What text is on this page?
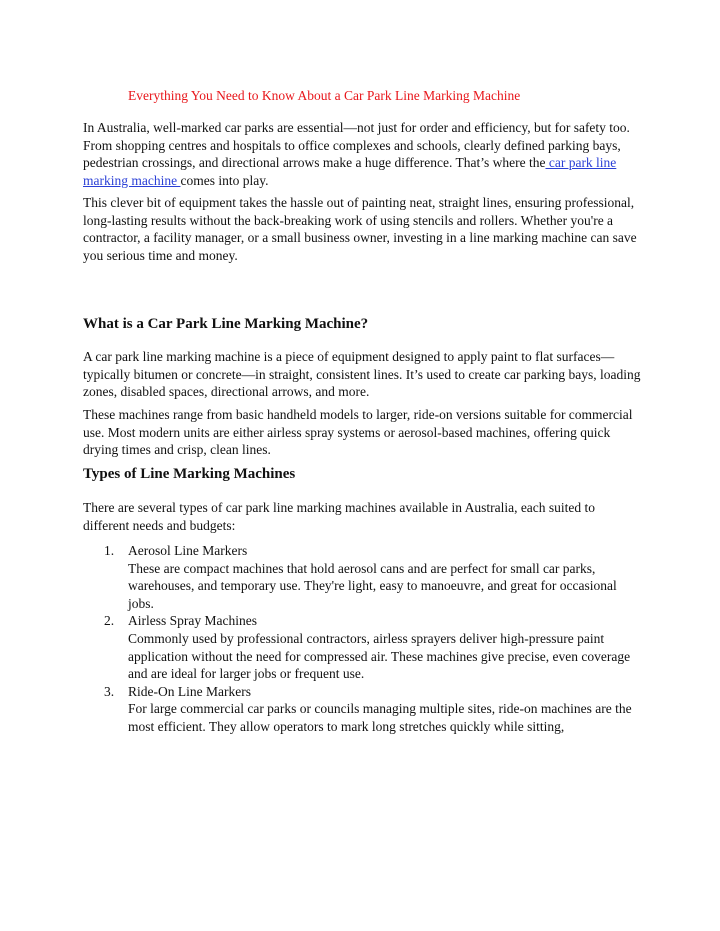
Everything You Need to Know About a Car Park Line Marking Machine

In Australia, well-marked car parks are essential—not just for order and efficiency, but for safety too. From shopping centres and hospitals to office complexes and schools, clearly defined parking bays, pedestrian crossings, and directional arrows make a huge difference. That’s where the car park line marking machine comes into play.

This clever bit of equipment takes the hassle out of painting neat, straight lines, ensuring professional, long-lasting results without the back-breaking work of using stencils and rollers. Whether you're a contractor, a facility manager, or a small business owner, investing in a line marking machine can save you serious time and money.

What is a Car Park Line Marking Machine?

A car park line marking machine is a piece of equipment designed to apply paint to flat surfaces—typically bitumen or concrete—in straight, consistent lines. It’s used to create car parking bays, loading zones, disabled spaces, directional arrows, and more.

These machines range from basic handheld models to larger, ride-on versions suitable for commercial use. Most modern units are either airless spray systems or aerosol-based machines, offering quick drying times and crisp, clean lines.

Types of Line Marking Machines

There are several types of car park line marking machines available in Australia, each suited to different needs and budgets:

1. Aerosol Line Markers
These are compact machines that hold aerosol cans and are perfect for small car parks, warehouses, and temporary use. They're light, easy to manoeuvre, and great for occasional jobs.
2. Airless Spray Machines
Commonly used by professional contractors, airless sprayers deliver high-pressure paint application without the need for compressed air. These machines give precise, even coverage and are ideal for larger jobs or frequent use.
3. Ride-On Line Markers
For large commercial car parks or councils managing multiple sites, ride-on machines are the most efficient. They allow operators to mark long stretches quickly while sitting,
